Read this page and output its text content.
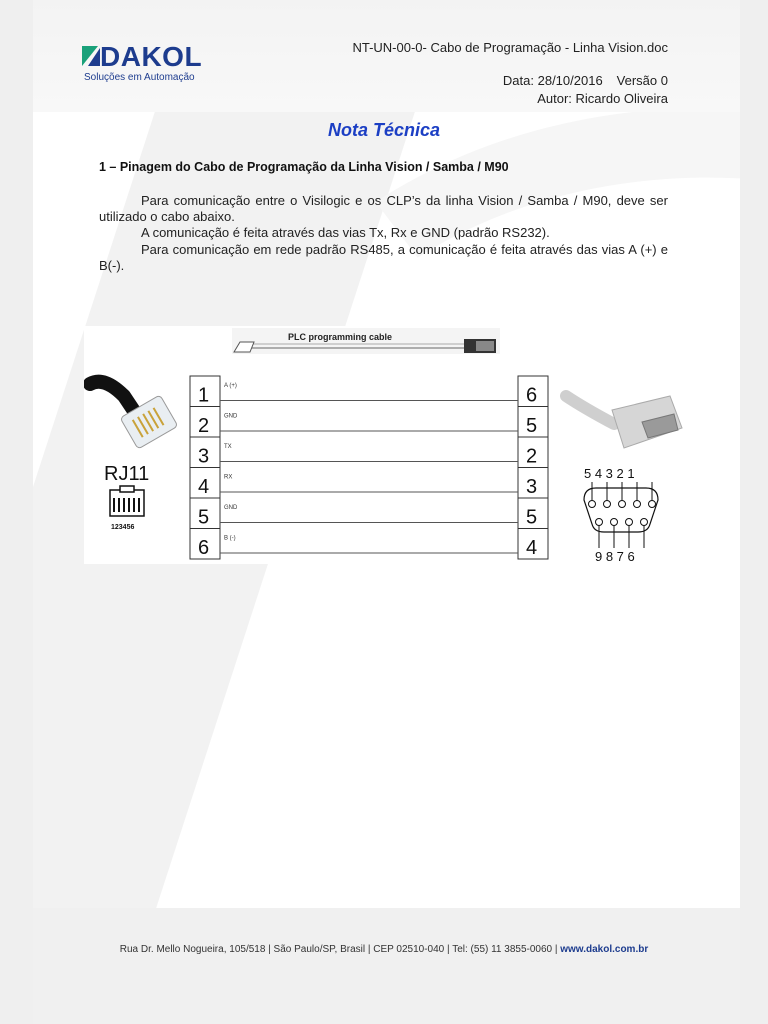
DAKOL
Soluções em Automação
NT-UN-00-0- Cabo de Programação - Linha Vision.doc
Data: 28/10/2016 Versão 0
Autor: Ricardo Oliveira
Nota Técnica
1 – Pinagem do Cabo de Programação da Linha Vision / Samba / M90

Para comunicação entre o Visilogic e os CLP’s da linha Vision / Samba / M90, deve ser utilizado o cabo abaixo.

A comunicação é feita através das vias Tx, Rx e GND (padrão RS232).

Para comunicação em rede padrão RS485, a comunicação é feita através das vias A (+) e B(-).

PLC programming cable
RJ11
123456
1 A (+)	6
2 GND	5
3 TX	2
4 RX	3
5 GND	5
6 B (-)	4
5 4 3 2 1
9 8 7 6
Rua Dr. Mello Nogueira, 105/518 | São Paulo/SP, Brasil | CEP 02510-040 | Tel: (55) 11 3855-0060 | www.dakol.com.br
